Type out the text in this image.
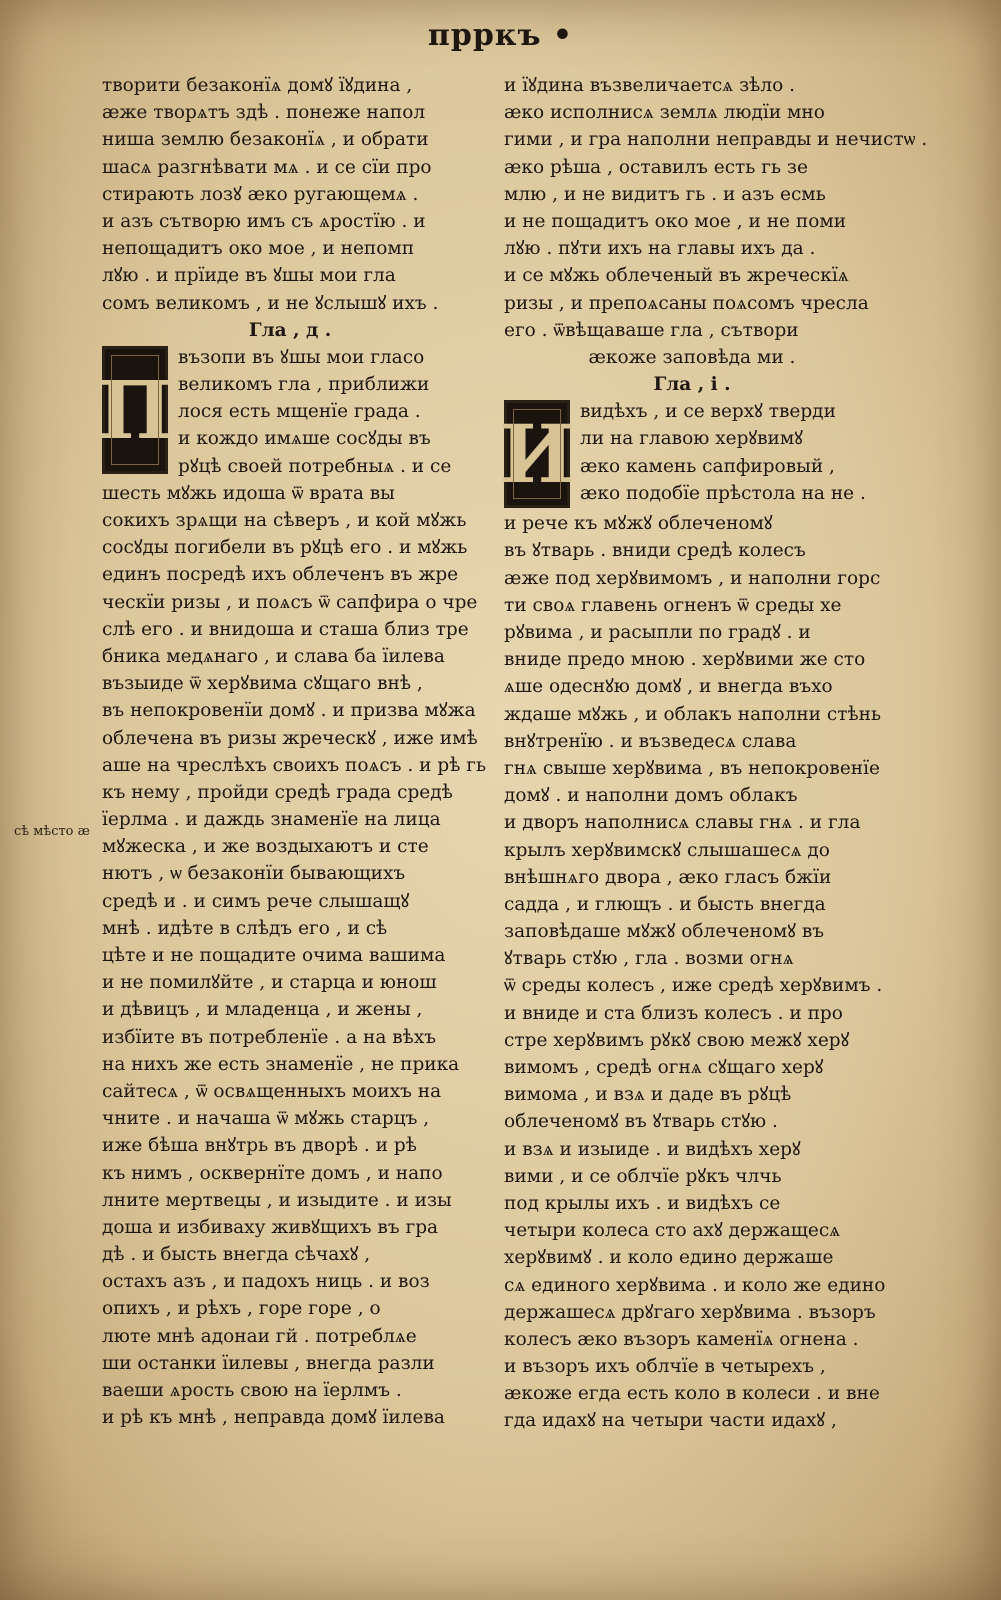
прркъ •
сѣ мѣсто ӕ
творити безаконїѧ домꙋ їꙋдина ,
ӕже творѧтъ здѣ . понеже напол
ниша землю безаконїѧ , и обрати
шасѧ разгнѣвати мѧ . и се сїи про
стирають лозꙋ ӕко ругающемѧ .
и азъ сътворю имъ съ ѧростїю . и
непощадитъ око мое , и непомп
лꙋю . и прїиде въ ꙋшы мои гла
сомъ великомъ , и не ꙋслышꙋ ихъ .
Гла , д .
П
възопи въ ꙋшы мои гласо
великомъ гла , приближи
лося есть мщенїе града .
и кождо имѧше сосꙋды въ
рꙋцѣ своей потребныѧ . и се
шесть мꙋжь идоша ѿ врата вы
сокихъ зрѧщи на сѣверъ , и кой мꙋжь
сосꙋды погибели въ рꙋцѣ его . и мꙋжь
единъ посредѣ ихъ облеченъ въ жре
ческїи ризы , и поѧсъ ѿ сапфира о чре
слѣ его . и внидоша и сташа близ тре
бника медѧнаго , и слава ба їилева
възыиде ѿ херꙋвима сꙋщаго внѣ ,
въ непокровенїи домꙋ . и призва мꙋжа
облечена въ ризы жреческꙋ , иже имѣ
аше на чреслѣхъ своихъ поѧсъ . и рѣ гь
къ нему , пройди средѣ града средѣ
їерлма . и даждь знаменїе на лица
мꙋжеска , и же воздыхаютъ и сте
нютъ , ѡ безаконїи бывающихъ
средѣ и . и симъ рече слышащꙋ
мнѣ . идѣте в слѣдъ его , и сѣ
цѣте и не пощадите очима вашима
и не помилꙋйте , и старца и юнош
и дѣвицъ , и младенца , и жены ,
избїите въ потребленїе . а на вѣхъ
на нихъ же есть знаменїе , не прика
сайтесѧ , ѿ освѧщенныхъ моихъ на
чните . и начаша ѿ мꙋжь старцъ ,
иже бѣша внꙋтрь въ дворѣ . и рѣ
къ нимъ , осквернїте домъ , и напо
лните мертвецы , и изыдите . и изы
доша и избиваху живꙋщихъ въ гра
дѣ . и бысть внегда сѣчахꙋ ,
остахъ азъ , и падохъ ниць . и воз
опихъ , и рѣхъ , горе горе , о
люте мнѣ адонаи гй . потреблѧе
ши останки їилевы , внегда разли
ваеши ѧрость свою на їерлмъ .
и рѣ къ мнѣ , неправда домꙋ їилева
и їꙋдина възвеличаетсѧ зѣло .
ӕко исполнисѧ землѧ людїи мно
гими , и гра наполни неправды и нечистѡ .
ӕко рѣша , оставилъ есть гь зе
млю , и не видитъ гь . и азъ есмь
и не пощадитъ око мое , и не поми
лꙋю . пꙋти ихъ на главы ихъ да .
и се мꙋжь облеченый въ жреческїѧ
ризы , и препоѧсаны поѧсомъ чресла
его . ѿвѣщаваше гла , сътвори
ӕкоже заповѣда ми .
Гла , і .
И видѣхъ , и се верхꙋ тверди
ли на главою херꙋвимꙋ
ӕко камень сапфировый ,
ӕко подобїе прѣстола на не .
и рече къ мꙋжꙋ облеченомꙋ
въ ꙋтварь . вниди средѣ колесъ
ӕже под херꙋвимомъ , и наполни горс
ти своѧ главень огненъ ѿ среды хе
рꙋвима , и расыпли по градꙋ . и
вниде предо мною . херꙋвими же сто
ѧше одеснꙋю домꙋ , и внегда въхо
ждаше мꙋжь , и облакъ наполни стѣнь
внꙋтренїю . и възведесѧ слава
гнѧ свыше херꙋвима , въ непокровенїе
домꙋ . и наполни домъ облакъ
и дворъ наполнисѧ славы гнѧ . и гла
крылъ херꙋвимскꙋ слышашесѧ до
внѣшнѧго двора , ӕко гласъ бжїи
садда , и глющъ . и бысть внегда
заповѣдаше мꙋжꙋ облеченомꙋ въ
ꙋтварь стꙋю , гла . возми огнѧ
ѿ среды колесъ , иже средѣ херꙋвимъ .
и вниде и ста близъ колесъ . и про
стре херꙋвимъ рꙋкꙋ свою межꙋ херꙋ
вимомъ , средѣ огнѧ сꙋщаго херꙋ
вимома , и взѧ и даде въ рꙋцѣ
облеченомꙋ въ ꙋтварь стꙋю .
и взѧ и изыиде . и видѣхъ херꙋ
вими , и се облчїе рꙋкъ члчь
под крылы ихъ . и видѣхъ се
четыри колеса сто ахꙋ держащесѧ
херꙋвимꙋ . и коло едино держаше
сѧ единого херꙋвима . и коло же едино
держашесѧ дрꙋгаго херꙋвима . възоръ
колесъ ӕко възоръ каменїѧ огнена .
и възоръ ихъ облчїе в четырехъ ,
ӕкоже егда есть коло в колеси . и вне
гда идахꙋ на четыри части идахꙋ ,
